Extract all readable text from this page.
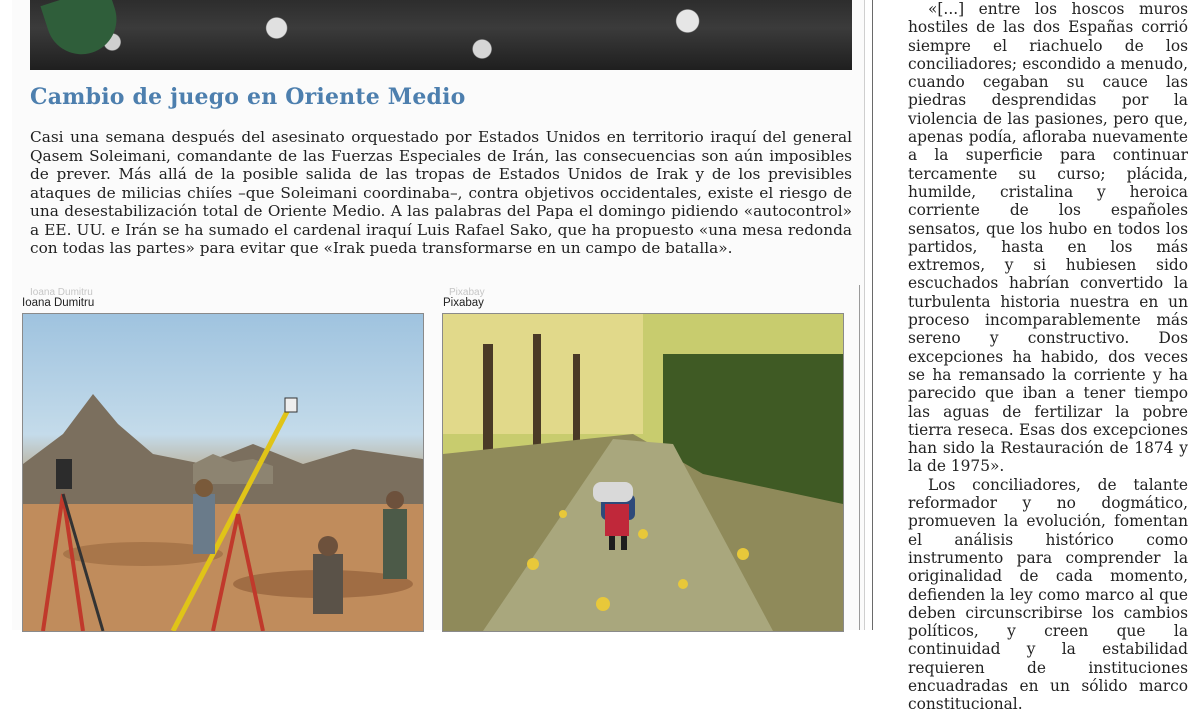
Cambio de juego en Oriente Medio

Casi una semana después del asesinato orquestado por Estados Unidos en territorio iraquí del general Qasem Soleimani, comandante de las Fuerzas Especiales de Irán, las consecuencias son aún imposibles de prever. Más allá de la posible salida de las tropas de Estados Unidos de Irak y de los previsibles ataques de milicias chiíes –que Soleimani coordinaba–, contra objetivos occidentales, existe el riesgo de una desestabilización total de Oriente Medio. A las palabras del Papa el domingo pidiendo «autocontrol» a EE. UU. e Irán se ha sumado el cardenal iraquí Luis Rafael Sako, que ha propuesto «una mesa redonda con todas las partes» para evitar que «Irak pueda transformarse en un campo de batalla».

Ioana Dumitru	Pixabay
Ioana Dumitru	Pixabay

«[...] entre los hoscos muros hostiles de las dos Españas corrió siempre el riachuelo de los conciliadores; escondido a menudo, cuando cegaban su cauce las piedras desprendidas por la violencia de las pasiones, pero que, apenas podía, afloraba nuevamente a la superficie para continuar tercamente su curso; plácida, humilde, cristalina y heroica corriente de los españoles sensatos, que los hubo en todos los partidos, hasta en los más extremos, y si hubiesen sido escuchados habrían convertido la turbulenta historia nuestra en un proceso incomparablemente más sereno y constructivo. Dos excepciones ha habido, dos veces se ha remansado la corriente y ha parecido que iban a tener tiempo las aguas de fertilizar la pobre tierra reseca. Esas dos excepciones han sido la Restauración de 1874 y la de 1975».

Los conciliadores, de talante reformador y no dogmático, promueven la evolución, fomentan el análisis histórico como instrumento para comprender la originalidad de cada momento, defienden la ley como marco al que deben circunscribirse los cambios políticos, y creen que la continuidad y la estabilidad requieren de instituciones encuadradas en un sólido marco constitucional.
